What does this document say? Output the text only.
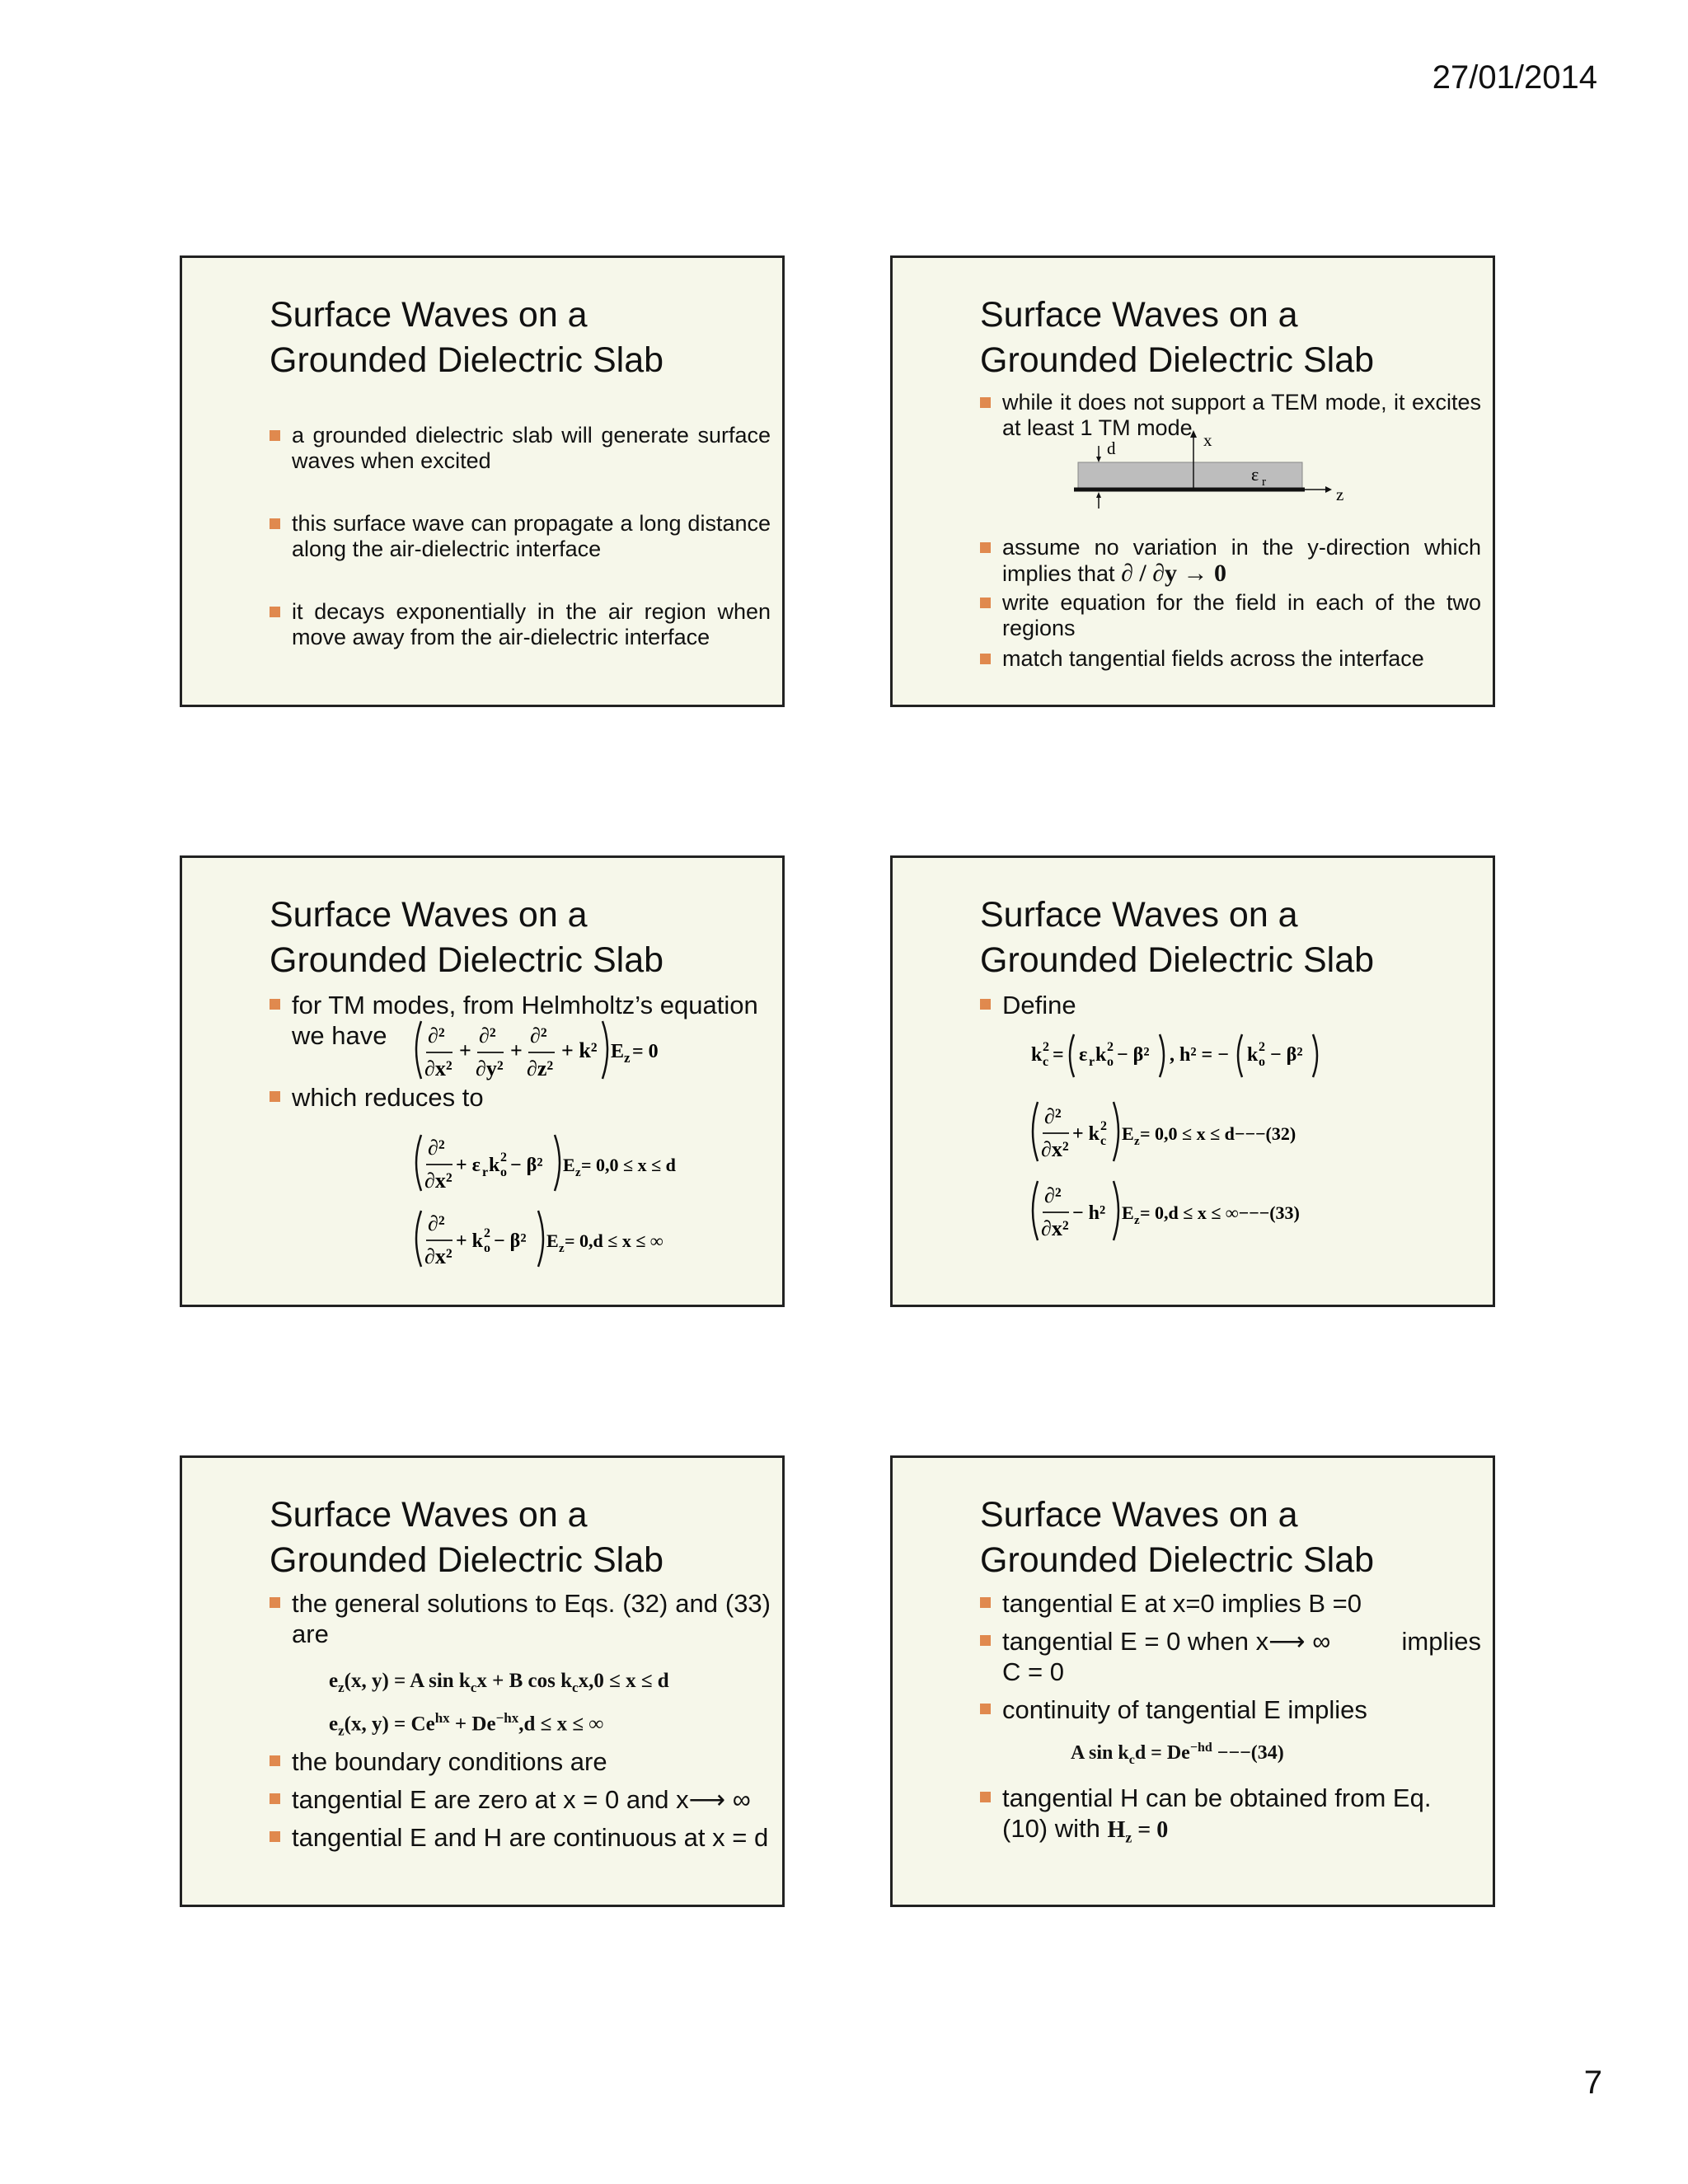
27/01/2014
Surface Waves on a
Grounded Dielectric Slab
a grounded dielectric slab will generate surface waves when excited
this surface wave can propagate a long distance along the air-dielectric interface
it decays exponentially in the air region when move away from the air-dielectric interface
Surface Waves on a
Grounded Dielectric Slab
while it does not support a TEM mode, it excites at least 1 TM mode
d	x
ε r
z
assume no variation in the y-direction which implies that ∂ / ∂y → 0
write equation for the field in each of the two regions
match tangential fields across the interface
Surface Waves on a
Grounded Dielectric Slab
for TM modes, from Helmholtz’s equation
we have
which reduces to
∂²
∂x²
+
∂²
∂y²
+
∂²
∂z²
+ k² E z = 0
∂²
∂x²
+ ε r k 2
o − β² E z = 0,0 ≤ x ≤ d
∂²
∂x²
+ k 2
o − β² E z = 0,d ≤ x ≤ ∞
Surface Waves on a
Grounded Dielectric Slab
Define
k 2
c = ε r k 2
o − β² , h² = − k 2
o − β²
∂²
∂x²
+ k 2
c E z = 0,0 ≤ x ≤ d−−−(32)
∂²
∂x²
− h² E z = 0,d ≤ x ≤ ∞−−−(33)
Surface Waves on a
Grounded Dielectric Slab
the general solutions to Eqs. (32) and (33) are
$e_z(x$, y) = A $\sin k_cx + B$ $\cos k_cx,0 \le x \le d$
$e_z(x$, $y) = Ce^{hx} + De^{-hx},d \le x$ ≤ ∞
the boundary conditions are
tangential E are zero at x = 0 and x⟶ ∞
tangential E and H are continuous at x = d
Surface Waves on a
Grounded Dielectric Slab
tangential E at x=0 implies B =0
tangential E = 0 when x⟶ ∞	implies
C = 0
continuity of tangential E implies
A $\sin k_cd = De^{-hd} ---(34)$
tangential H can be obtained from Eq.
(10) with $H_z = 0$
7
